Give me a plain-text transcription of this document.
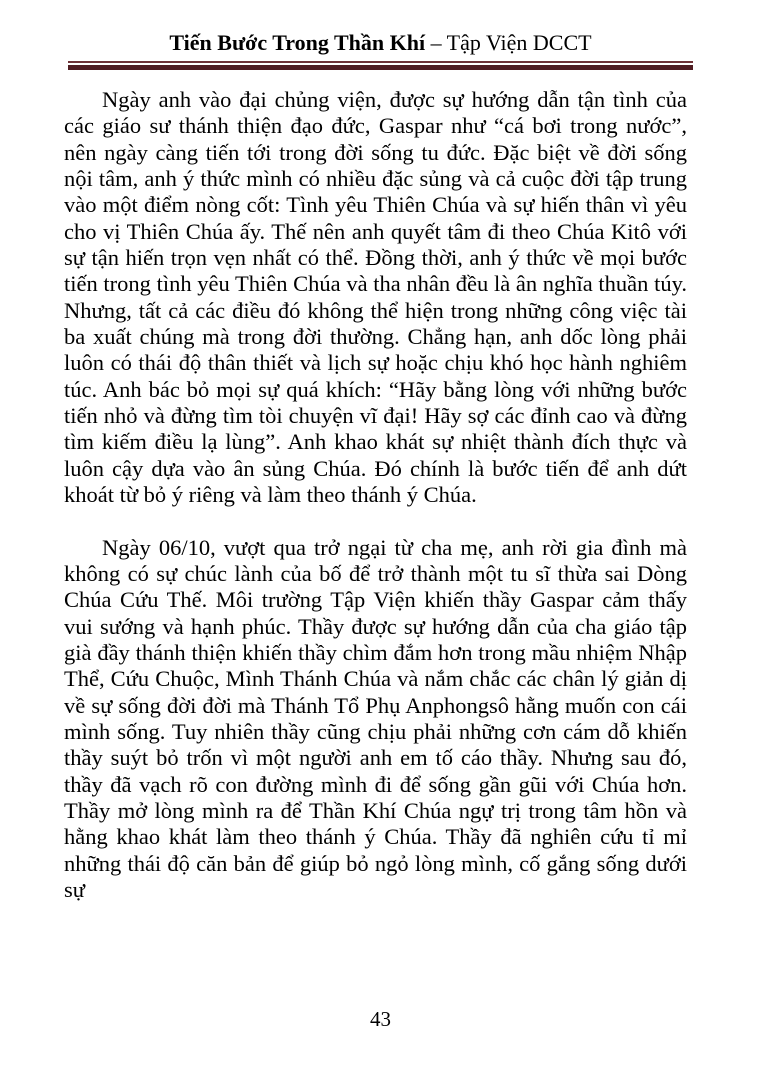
Tiến Bước Trong Thần Khí – Tập Viện DCCT

Ngày anh vào đại chủng viện, được sự hướng dẫn tận tình của các giáo sư thánh thiện đạo đức, Gaspar như “cá bơi trong nước”, nên ngày càng tiến tới trong đời sống tu đức. Đặc biệt về đời sống nội tâm, anh ý thức mình có nhiều đặc sủng và cả cuộc đời tập trung vào một điểm nòng cốt: Tình yêu Thiên Chúa và sự hiến thân vì yêu cho vị Thiên Chúa ấy. Thế nên anh quyết tâm đi theo Chúa Kitô với sự tận hiến trọn vẹn nhất có thể. Đồng thời, anh ý thức về mọi bước tiến trong tình yêu Thiên Chúa và tha nhân đều là ân nghĩa thuần túy. Nhưng, tất cả các điều đó không thể hiện trong những công việc tài ba xuất chúng mà trong đời thường. Chẳng hạn, anh dốc lòng phải luôn có thái độ thân thiết và lịch sự hoặc chịu khó học hành nghiêm túc. Anh bác bỏ mọi sự quá khích: “Hãy bằng lòng với những bước tiến nhỏ và đừng tìm tòi chuyện vĩ đại! Hãy sợ các đỉnh cao và đừng tìm kiếm điều lạ lùng”. Anh khao khát sự nhiệt thành đích thực và luôn cậy dựa vào ân sủng Chúa. Đó chính là bước tiến để anh dứt khoát từ bỏ ý riêng và làm theo thánh ý Chúa.

Ngày 06/10, vượt qua trở ngại từ cha mẹ, anh rời gia đình mà không có sự chúc lành của bố để trở thành một tu sĩ thừa sai Dòng Chúa Cứu Thế. Môi trường Tập Viện khiến thầy Gaspar cảm thấy vui sướng và hạnh phúc. Thầy được sự hướng dẫn của cha giáo tập già đầy thánh thiện khiến thầy chìm đắm hơn trong mầu nhiệm Nhập Thể, Cứu Chuộc, Mình Thánh Chúa và nắm chắc các chân lý giản dị về sự sống đời đời mà Thánh Tổ Phụ Anphongsô hằng muốn con cái mình sống. Tuy nhiên thầy cũng chịu phải những cơn cám dỗ khiến thầy suýt bỏ trốn vì một người anh em tố cáo thầy. Nhưng sau đó, thầy đã vạch rõ con đường mình đi để sống gần gũi với Chúa hơn. Thầy mở lòng mình ra để Thần Khí Chúa ngự trị trong tâm hồn và hằng khao khát làm theo thánh ý Chúa. Thầy đã nghiên cứu tỉ mỉ những thái độ căn bản để giúp bỏ ngỏ lòng mình, cố gắng sống dưới sự

43
